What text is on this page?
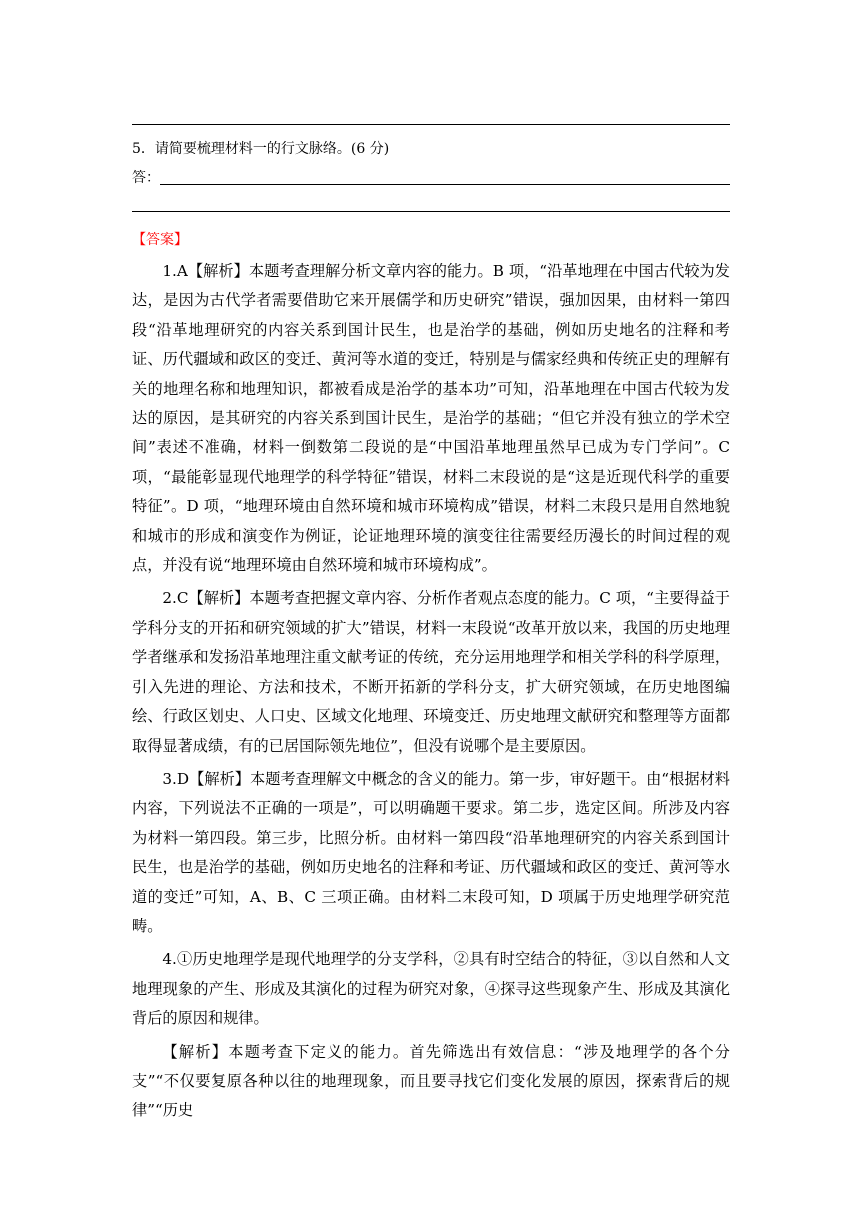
5．请简要梳理材料一的行文脉络。(6 分)
答：
【答案】

1.A【解析】本题考查理解分析文章内容的能力。B 项，“沿革地理在中国古代较为发达，是因为古代学者需要借助它来开展儒学和历史研究”错误，强加因果，由材料一第四段“沿革地理研究的内容关系到国计民生，也是治学的基础，例如历史地名的注释和考证、历代疆域和政区的变迁、黄河等水道的变迁，特别是与儒家经典和传统正史的理解有关的地理名称和地理知识，都被看成是治学的基本功”可知，沿革地理在中国古代较为发达的原因，是其研究的内容关系到国计民生，是治学的基础；“但它并没有独立的学术空间”表述不准确，材料一倒数第二段说的是“中国沿革地理虽然早已成为专门学问”。C 项，“最能彰显现代地理学的科学特征”错误，材料二末段说的是“这是近现代科学的重要特征”。D 项，“地理环境由自然环境和城市环境构成”错误，材料二末段只是用自然地貌和城市的形成和演变作为例证，论证地理环境的演变往往需要经历漫长的时间过程的观点，并没有说“地理环境由自然环境和城市环境构成”。

2.C【解析】本题考查把握文章内容、分析作者观点态度的能力。C 项，“主要得益于学科分支的开拓和研究领域的扩大”错误，材料一末段说“改革开放以来，我国的历史地理学者继承和发扬沿革地理注重文献考证的传统，充分运用地理学和相关学科的科学原理，引入先进的理论、方法和技术，不断开拓新的学科分支，扩大研究领域，在历史地图编绘、行政区划史、人口史、区域文化地理、环境变迁、历史地理文献研究和整理等方面都取得显著成绩，有的已居国际领先地位”，但没有说哪个是主要原因。

3.D【解析】本题考查理解文中概念的含义的能力。第一步，审好题干。由“根据材料内容，下列说法不正确的一项是”，可以明确题干要求。第二步，选定区间。所涉及内容为材料一第四段。第三步，比照分析。由材料一第四段“沿革地理研究的内容关系到国计民生，也是治学的基础，例如历史地名的注释和考证、历代疆域和政区的变迁、黄河等水道的变迁”可知，A、B、C 三项正确。由材料二末段可知，D 项属于历史地理学研究范畴。

4.①历史地理学是现代地理学的分支学科，②具有时空结合的特征，③以自然和人文地理现象的产生、形成及其演化的过程为研究对象，④探寻这些现象产生、形成及其演化背后的原因和规律。

【解析】本题考查下定义的能力。首先筛选出有效信息：“涉及地理学的各个分支”“不仅要复原各种以往的地理现象，而且要寻找它们变化发展的原因，探索背后的规律”“历史
